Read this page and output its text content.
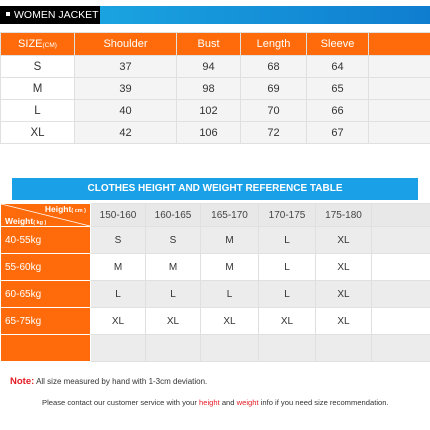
WOMEN JACKET
SIZE(CM)	Shoulder	Bust	Length	Sleeve	
S	37	94	68	64	
M	39	98	69	65	
L	40	102	70	66	
XL	42	106	72	67	
CLOTHES HEIGHT AND WEIGHT REFERENCE TABLE
Height( cm )
Weight( kg )	150-160	160-165	165-170	170-175	175-180	
40-55kg	S	S	M	L	XL	
55-60kg	M	M	M	L	XL	
60-65kg	L	L	L	L	XL	
65-75kg	XL	XL	XL	XL	XL	

Note: All size measured by hand with 1-3cm deviation.
Please contact our customer service with your height and weight info if you need size recommendation.
